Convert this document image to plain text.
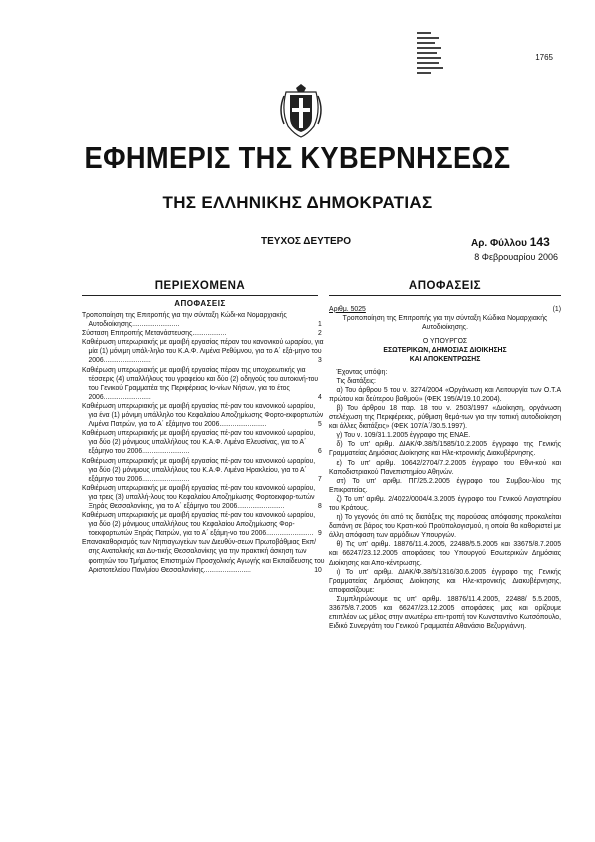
1765
ΕΦΗΜΕΡΙΣ ΤΗΣ ΚΥΒΕΡΝΗΣΕΩΣ
ΤΗΣ ΕΛΛΗΝΙΚΗΣ ΔΗΜΟΚΡΑΤΙΑΣ
ΤΕΥΧΟΣ ΔΕΥΤΕΡΟ	Αρ. Φύλλου 143
8 Φεβρουαρίου 2006
ΠΕΡΙΕΧΟΜΕΝΑ
ΑΠΟΦΑΣΕΙΣ
Τροποποίηση της Επιτροπής για την σύνταξη Κώδι-κα Νομαρχιακής Αυτοδιοίκησης.........................	1
Σύσταση Επιτροπής Μετανάστευσης..................	2
Καθιέρωση υπερωριακής με αμοιβή εργασίας πέραν του κανονικού ωραρίου, για μία (1) μόνιμη υπάλ-ληλο του Κ.Α.Φ. Λιμένα Ρεθύμνου, για το Α΄ εξά-μηνο του 2006.........................	3
Καθιέρωση υπερωριακής με αμοιβή εργασίας πέραν της υποχρεωτικής για τέσσερις (4) υπαλλήλους του γραφείου και δύο (2) οδηγούς του αυτοκινή-του του Γενικού Γραμματέα της Περιφέρειας Ιο-νίων Νήσων, για το έτος 2006.........................	4
Καθιέρωση υπερωριακής με αμοιβή εργασίας πέ-ραν του κανονικού ωραρίου, για ένα (1) μόνιμη υπάλληλο του Κεφαλαίου Αποζημίωσης Φορτο-εκφορτωτών Λιμένα Πατρών, για το Α΄ εξάμηνο του 2006.........................	5
Καθιέρωση υπερωριακής με αμοιβή εργασίας πέ-ραν του κανονικού ωραρίου, για δύο (2) μόνιμους υπαλλήλους του Κ.Α.Φ. Λιμένα Ελευσίνας, για το Α΄ εξάμηνο του 2006.........................	6
Καθιέρωση υπερωριακής με αμοιβή εργασίας πέ-ραν του κανονικού ωραρίου, για δύο (2) μόνιμους υπαλλήλους του Κ.Α.Φ. Λιμένα Ηρακλείου, για το Α΄ εξάμηνο του 2006.........................	7
Καθιέρωση υπερωριακής με αμοιβή εργασίας πέ-ραν του κανονικού ωραρίου, για τρεις (3) υπαλλή-λους του Κεφαλαίου Αποζημίωσης Φορτοεκφορ-τωτών Ξηράς Θεσσαλονίκης, για το Α΄ εξάμηνο του 2006.........................	8
Καθιέρωση υπερωριακής με αμοιβή εργασίας πέ-ραν του κανονικού ωραρίου, για δύο (2) μόνιμους υπαλλήλους του Κεφαλαίου Αποζημίωσης Φορ-τοεκφορτωτών Ξηράς Πατρών, για το Α΄ εξάμη-νο του 2006......................... 9
Επανακαθορισμός των Νηπιαγωγείων των Διευθύν-σεων Πρωτοβάθμιας Εκπ/σης Ανατολικής και Δυ-τικής Θεσσαλονίκης για την πρακτική άσκηση των φοιτητών του Τμήματος Επιστημών Προσχολικής Αγωγής και Εκπαίδευσης του Αριστοτελείου Παν/μίου Θεσσαλονίκης.........................	10
ΑΠΟΦΑΣΕΙΣ
Αριθμ. 5025	(1)
Τροποποίηση της Επιτροπής για την σύνταξη Κώδικα Νομαρχιακής Αυτοδιοίκησης.
Ο ΥΠΟΥΡΓΟΣ
ΕΣΩΤΕΡΙΚΩΝ, ΔΗΜΟΣΙΑΣ ΔΙΟΙΚΗΣΗΣ
ΚΑΙ ΑΠΟΚΕΝΤΡΩΣΗΣ
Έχοντας υπόψη:
Τις διατάξεις:
α) Του άρθρου 5 του ν. 3274/2004 «Οργάνωση και Λειτουργία των Ο.Τ.Α πρώτου και δεύτερου βαθμού» (ΦΕΚ 195/Α/19.10.2004).
β) Του άρθρου 18 παρ. 18 του ν. 2503/1997 «Διοίκηση, οργάνωση στελέχωση της Περιφέρειας, ρύθμιση θεμά-των για την τοπική αυτοδιοίκηση και άλλες διατάξεις» (ΦΕΚ 107/Α΄/30.5.1997).
γ) Του ν. 109/31.1.2005 έγγραφο της ΕΝΑΕ.
δ) Το υπ' αριθμ. ΔΙΑΚ/Φ.38/5/1585/10.2.2005 έγγραφο της Γενικής Γραμματείας Δημόσιας Διοίκησης και Ηλε-κτρονικής Διακυβέρνησης.
ε) Το υπ' αριθμ. 10642/2704/7.2.2005 έγγραφο του Εθνι-κού και Καποδιστριακού Πανεπιστημίου Αθηνών.
στ) Το υπ' αριθμ. ΠΓ/25.2.2005 έγγραφο του Συμβου-λίου της Επικρατείας.
ζ) Το υπ' αριθμ. 2/4022/0004/4.3.2005 έγγραφο του Γενικού Λογιστηρίου του Κράτους.
η) Το γεγονός ότι από τις διατάξεις της παρούσας απόφασης προκαλείται δαπάνη σε βάρος του Κρατι-κού Προϋπολογισμού, η οποία θα καθοριστεί με άλλη απόφαση των αρμόδιων Υπουργών.
θ) Τις υπ' αριθμ. 18876/11.4.2005, 22488/5.5.2005 και 33675/8.7.2005 και 66247/23.12.2005 αποφάσεις του Υπουργού Εσωτερικών Δημόσιας Διοίκησης και Απο-κέντρωσης.
ι) Το υπ' αριθμ. ΔΙΑΚ/Φ.38/5/1316/30.6.2005 έγγραφο της Γενικής Γραμματείας Δημόσιας Διοίκησης και Ηλε-κτρονικής Διακυβέρνησης, αποφασίζουμε:
Συμπληρώνουμε τις υπ' αριθμ. 18876/11.4.2005, 22488/ 5.5.2005, 33675/8.7.2005 και 66247/23.12.2005 αποφάσεις μας και ορίζουμε επιπλέον ως μέλος στην ανωτέρω επι-τροπή τον Κωνσταντίνο Κωτσόπουλο, Ειδικό Συνεργάτη του Γενικού Γραμματέα Αθανάσιο Βεζυργιάννη.
